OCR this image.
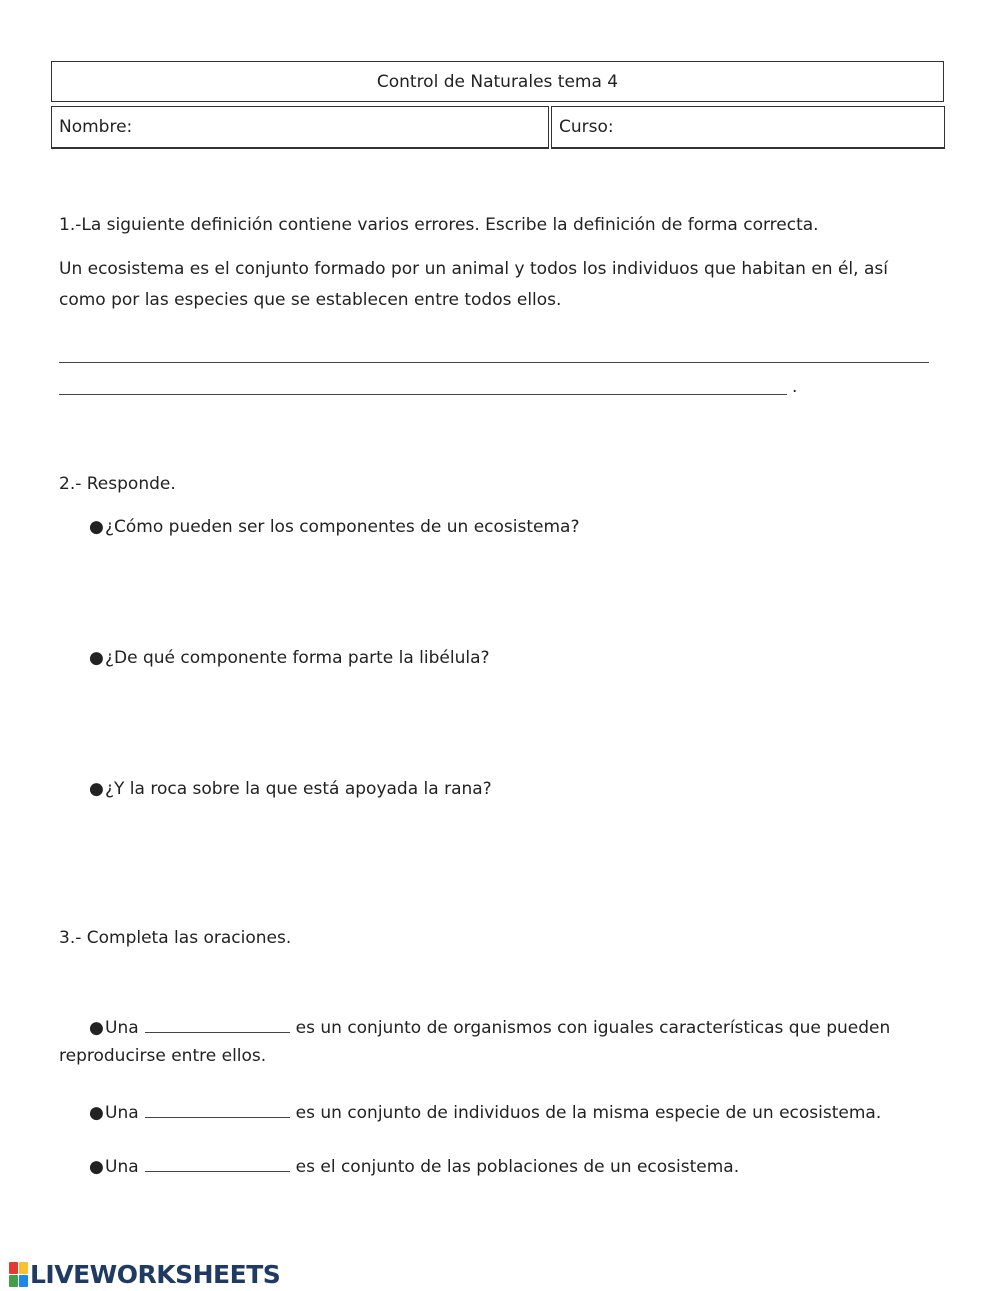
Control de Naturales tema 4
Nombre:	Curso:
1.-La siguiente definición contiene varios errores. Escribe la definición de forma correcta.
Un ecosistema es el conjunto formado por un animal y todos los individuos que habitan en él, así
como por las especies que se establecen entre todos ellos.
.
2.- Responde.
●¿Cómo pueden ser los componentes de un ecosistema?
●¿De qué componente forma parte la libélula?
●¿Y la roca sobre la que está apoyada la rana?
3.- Completa las oraciones.
●Una	es un conjunto de organismos con iguales características que pueden
reproducirse entre ellos.
●Una	es un conjunto de individuos de la misma especie de un ecosistema.
●Una	es el conjunto de las poblaciones de un ecosistema.
LIVEWORKSHEETS
